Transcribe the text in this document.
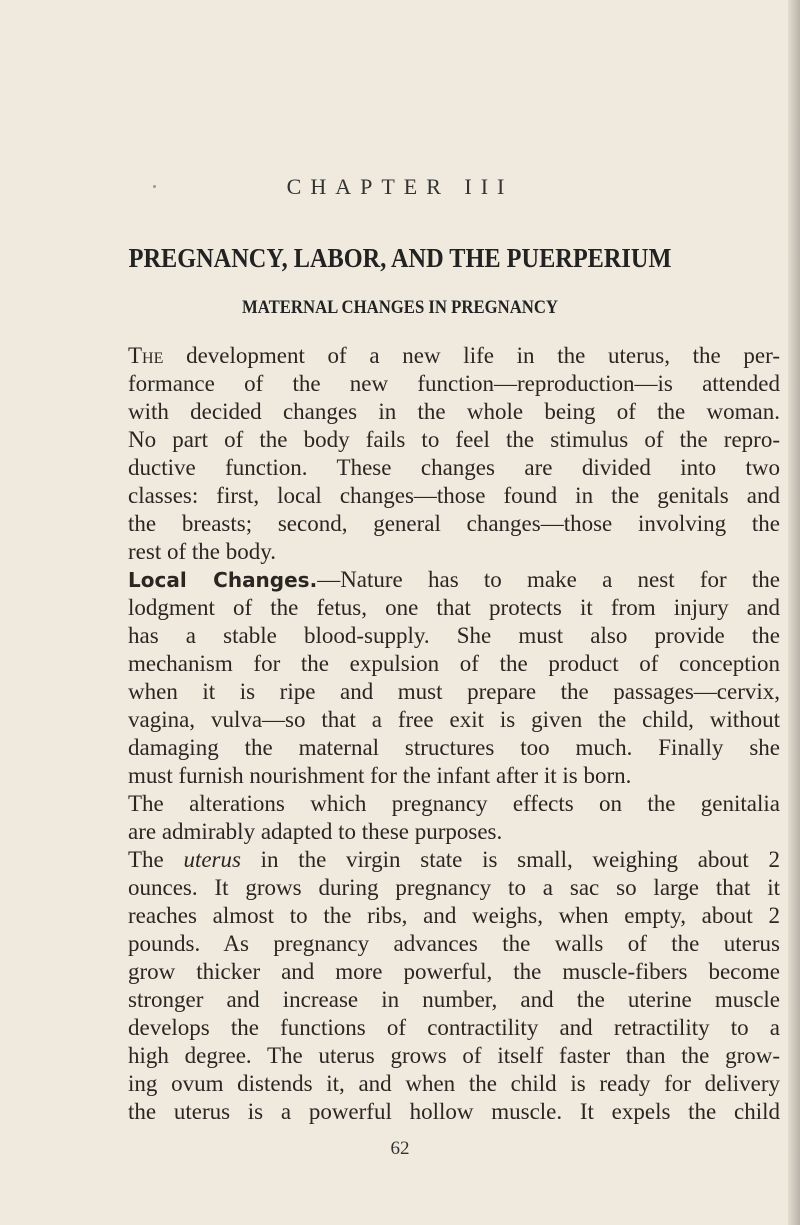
CHAPTER III
PREGNANCY, LABOR, AND THE PUERPERIUM
MATERNAL CHANGES IN PREGNANCY
The development of a new life in the uterus, the per-
formance of the new function—reproduction—is attended
with decided changes in the whole being of the woman.
No part of the body fails to feel the stimulus of the repro-
ductive function. These changes are divided into two
classes: first, local changes—those found in the genitals and
the breasts; second, general changes—those involving the
rest of the body.
Local Changes.—Nature has to make a nest for the
lodgment of the fetus, one that protects it from injury and
has a stable blood-supply. She must also provide the
mechanism for the expulsion of the product of conception
when it is ripe and must prepare the passages—cervix,
vagina, vulva—so that a free exit is given the child, without
damaging the maternal structures too much. Finally she
must furnish nourishment for the infant after it is born.
The alterations which pregnancy effects on the genitalia
are admirably adapted to these purposes.
The uterus in the virgin state is small, weighing about 2
ounces. It grows during pregnancy to a sac so large that it
reaches almost to the ribs, and weighs, when empty, about 2
pounds. As pregnancy advances the walls of the uterus
grow thicker and more powerful, the muscle-fibers become
stronger and increase in number, and the uterine muscle
develops the functions of contractility and retractility to a
high degree. The uterus grows of itself faster than the grow-
ing ovum distends it, and when the child is ready for delivery
the uterus is a powerful hollow muscle. It expels the child
62
